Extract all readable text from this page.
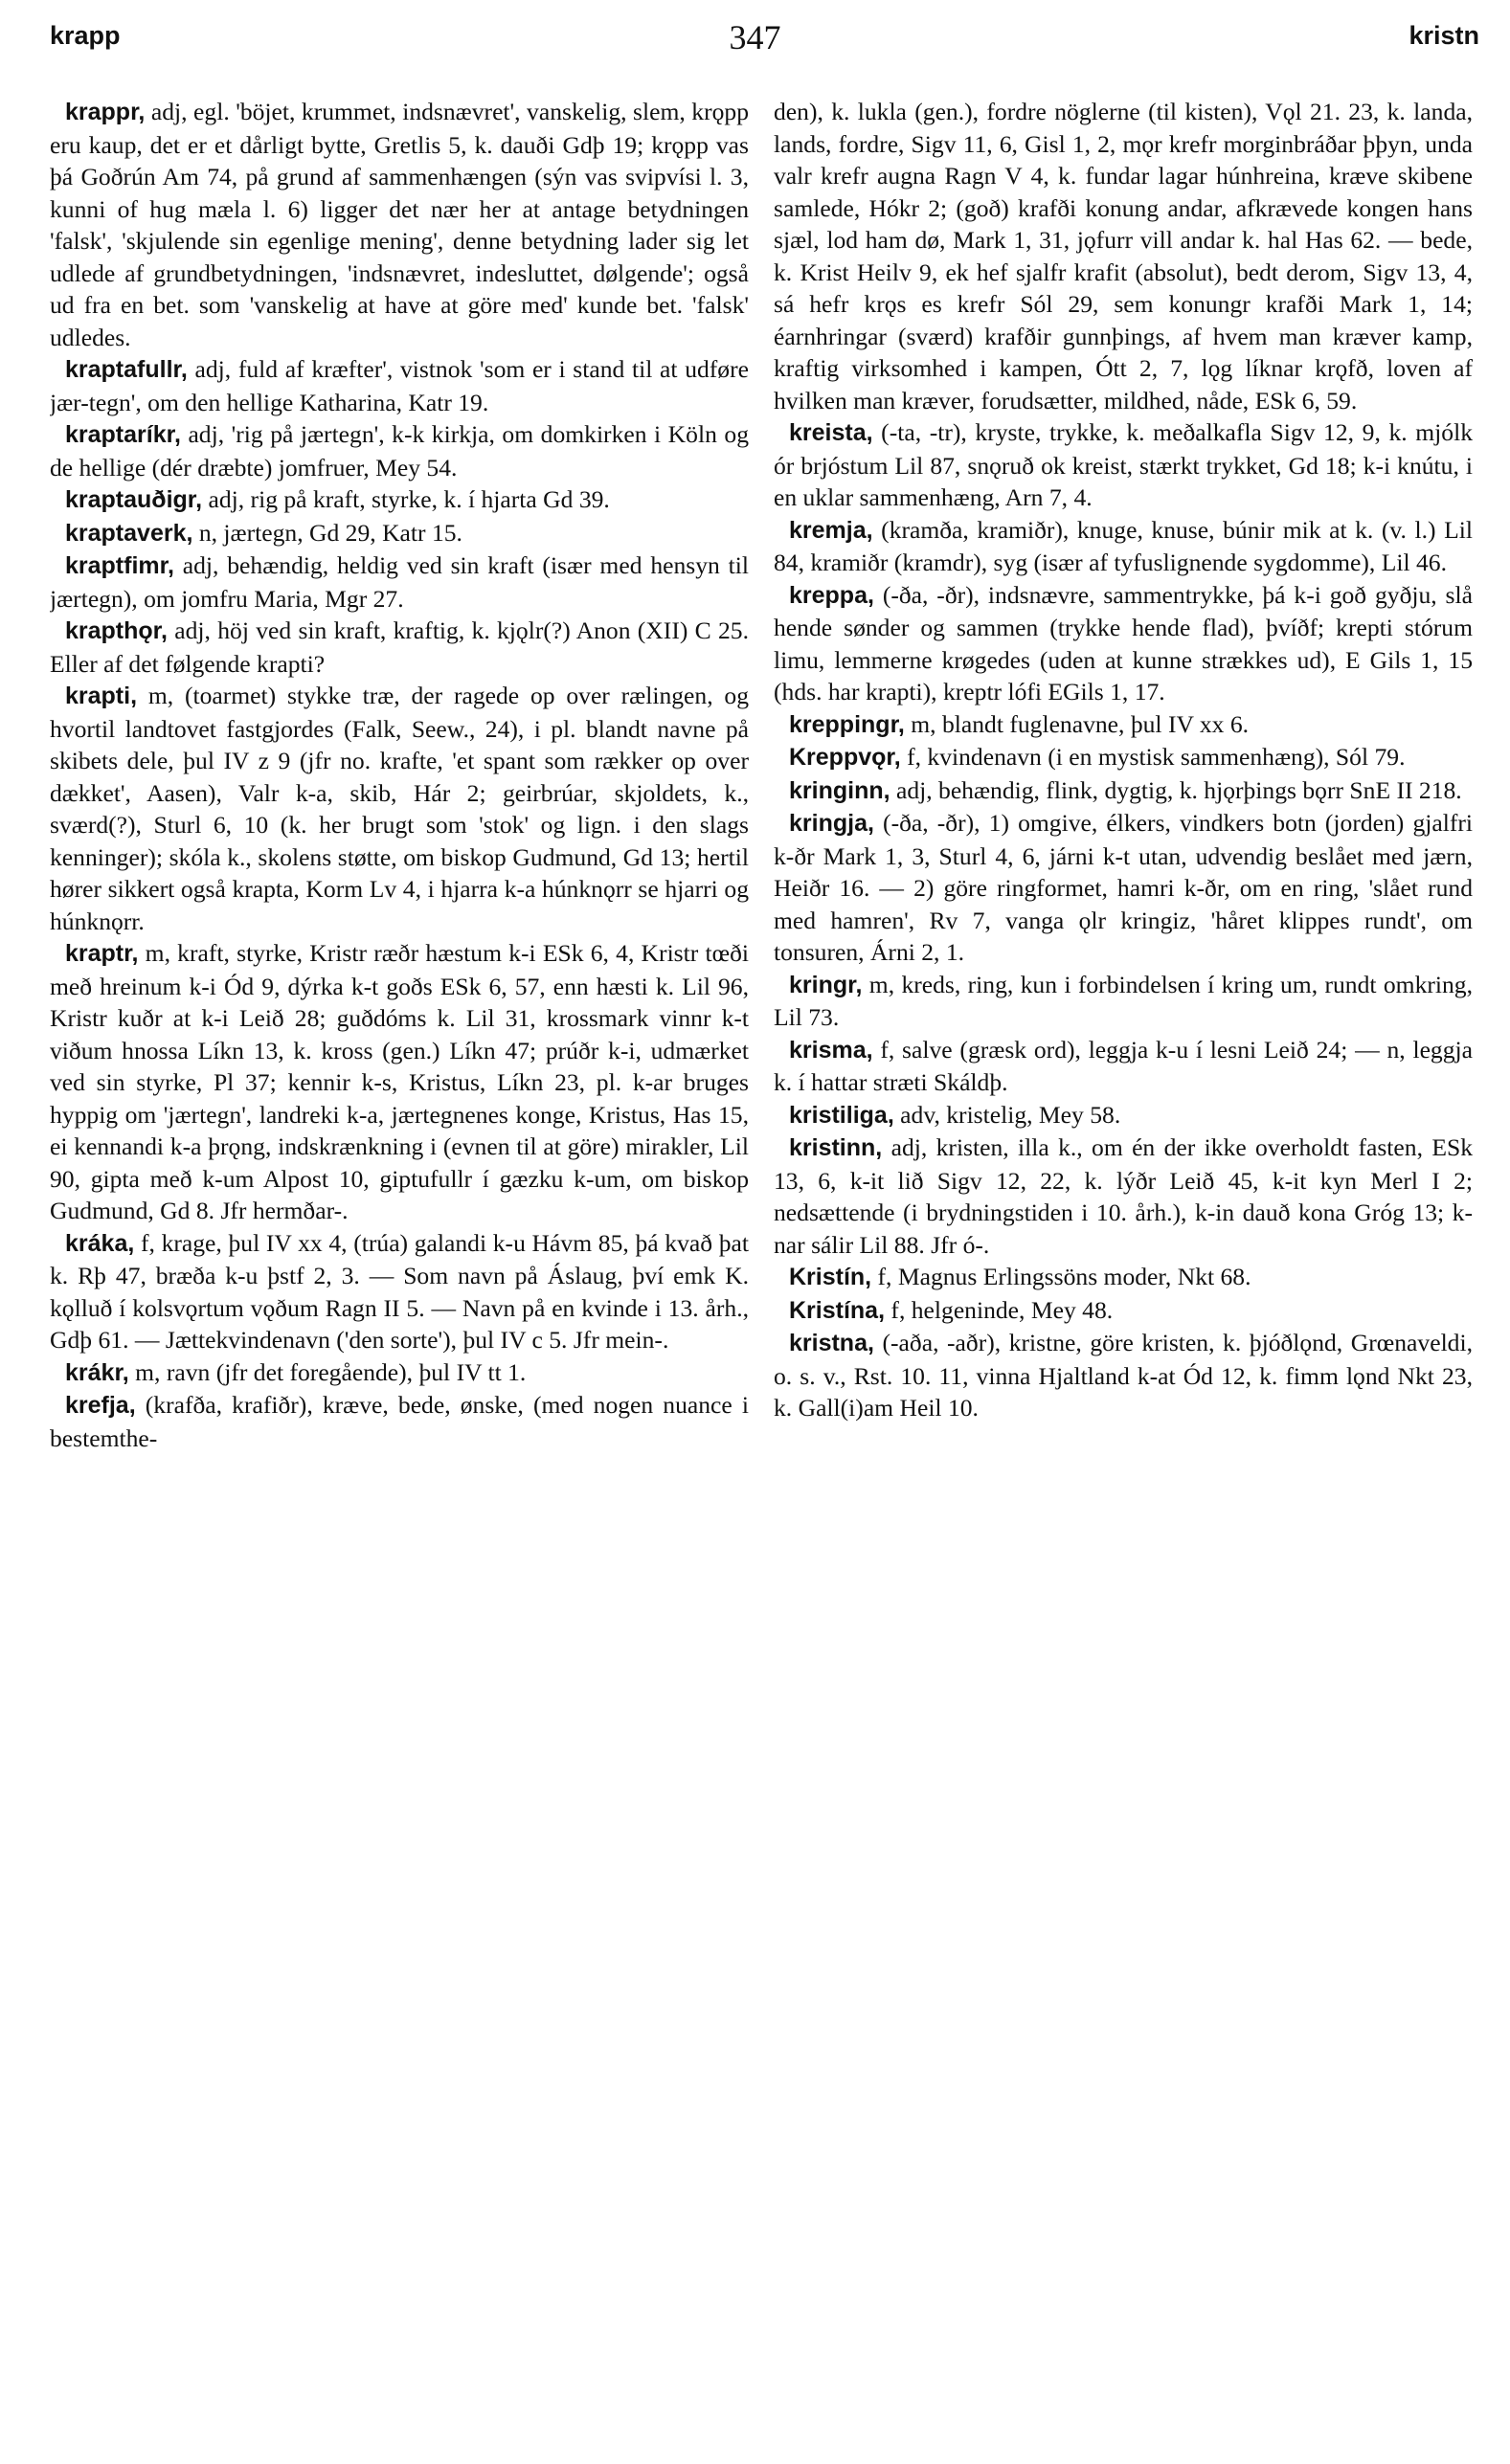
krapp	347	kristn

krappr, adj, egl. 'böjet, krummet, indsnævret', vanskelig, slem, krǫpp eru kaup, det er et dårligt bytte, Gretlis 5, k. dauði Gdþ 19; krǫpp vas þá Goðrún Am 74, på grund af sammenhængen (sýn vas svipvísi l. 3, kunni of hug mæla l. 6) ligger det nær her at antage betydningen 'falsk', 'skjulende sin egenlige mening', denne betydning lader sig let udlede af grundbetydningen, 'indsnævret, indesluttet, dølgende'; også ud fra en bet. som 'vanskelig at have at göre med' kunde bet. 'falsk' udledes.

kraptafullr, adj, fuld af kræfter', vistnok 'som er i stand til at udføre jær-tegn', om den hellige Katharina, Katr 19.

kraptaríkr, adj, 'rig på jærtegn', k-k kirkja, om domkirken i Köln og de hellige (dér dræbte) jomfruer, Mey 54.

kraptauðigr, adj, rig på kraft, styrke, k. í hjarta Gd 39.

kraptaverk, n, jærtegn, Gd 29, Katr 15.

kraptfimr, adj, behændig, heldig ved sin kraft (især med hensyn til jærtegn), om jomfru Maria, Mgr 27.

krapthǫr, adj, höj ved sin kraft, kraftig, k. kjǫlr(?) Anon (XII) C 25. Eller af det følgende krapti?

krapti, m, (toarmet) stykke træ, der ragede op over rælingen, og hvortil landtovet fastgjordes (Falk, Seew., 24), i pl. blandt navne på skibets dele, þul IV z 9 (jfr no. krafte, 'et spant som rækker op over dækket', Aasen), Valr k-a, skib, Hár 2; geirbrúar, skjoldets, k., sværd(?), Sturl 6, 10 (k. her brugt som 'stok' og lign. i den slags kenninger); skóla k., skolens støtte, om biskop Gudmund, Gd 13; hertil hører sikkert også krapta, Korm Lv 4, i hjarra k-a húnknǫrr se hjarri og húnknǫrr.

kraptr, m, kraft, styrke, Kristr ræðr hæstum k-i ESk 6, 4, Kristr tœði með hreinum k-i Ód 9, dýrka k-t goðs ESk 6, 57, enn hæsti k. Lil 96, Kristr kuðr at k-i Leið 28; guðdóms k. Lil 31, krossmark vinnr k-t viðum hnossa Líkn 13, k. kross (gen.) Líkn 47; prúðr k-i, udmærket ved sin styrke, Pl 37; kennir k-s, Kristus, Líkn 23, pl. k-ar bruges hyppig om 'jærtegn', landreki k-a, jærtegnenes konge, Kristus, Has 15, ei kennandi k-a þrǫng, indskrænkning i (evnen til at göre) mirakler, Lil 90, gipta með k-um Alpost 10, giptufullr í gæzku k-um, om biskop Gudmund, Gd 8. Jfr hermðar-.

kráka, f, krage, þul IV xx 4, (trúa) galandi k-u Hávm 85, þá kvað þat k. Rþ 47, bræða k-u þstf 2, 3. — Som navn på Áslaug, því emk K. kǫlluð í kolsvǫrtum vǫðum Ragn II 5. — Navn på en kvinde i 13. årh., Gdþ 61. — Jættekvindenavn ('den sorte'), þul IV c 5. Jfr mein-.

krákr, m, ravn (jfr det foregående), þul IV tt 1.

krefja, (krafða, krafiðr), kræve, bede, ønske, (med nogen nuance i bestemthe-

den), k. lukla (gen.), fordre nöglerne (til kisten), Vǫl 21. 23, k. landa, lands, fordre, Sigv 11, 6, Gisl 1, 2, mǫr krefr morginbráðar þþyn, unda valr krefr augna Ragn V 4, k. fundar lagar húnhreina, kræve skibene samlede, Hókr 2; (goð) krafði konung andar, afkrævede kongen hans sjæl, lod ham dø, Mark 1, 31, jǫfurr vill andar k. hal Has 62. — bede, k. Krist Heilv 9, ek hef sjalfr krafit (absolut), bedt derom, Sigv 13, 4, sá hefr krǫs es krefr Sól 29, sem konungr krafði Mark 1, 14; éarnhringar (sværd) krafðir gunnþings, af hvem man kræver kamp, kraftig virksomhed i kampen, Ótt 2, 7, lǫg líknar krǫfð, loven af hvilken man kræver, forudsætter, mildhed, nåde, ESk 6, 59.

kreista, (-ta, -tr), kryste, trykke, k. meðalkafla Sigv 12, 9, k. mjólk ór brjóstum Lil 87, snǫruð ok kreist, stærkt trykket, Gd 18; k-i knútu, i en uklar sammenhæng, Arn 7, 4.

kremja, (kramða, kramiðr), knuge, knuse, búnir mik at k. (v. l.) Lil 84, kramiðr (kramdr), syg (især af tyfuslignende sygdomme), Lil 46.

kreppa, (-ða, -ðr), indsnævre, sammentrykke, þá k-i goð gyðju, slå hende sønder og sammen (trykke hende flad), þvíðf; krepti stórum limu, lemmerne krøgedes (uden at kunne strækkes ud), E Gils 1, 15 (hds. har krapti), kreptr lófi EGils 1, 17.

kreppingr, m, blandt fuglenavne, þul IV xx 6.

Kreppvǫr, f, kvindenavn (i en mystisk sammenhæng), Sól 79.

kringinn, adj, behændig, flink, dygtig, k. hjǫrþings bǫrr SnE II 218.

kringja, (-ða, -ðr), 1) omgive, élkers, vindkers botn (jorden) gjalfri k-ðr Mark 1, 3, Sturl 4, 6, járni k-t utan, udvendig beslået med jærn, Heiðr 16. — 2) göre ringformet, hamri k-ðr, om en ring, 'slået rund med hamren', Rv 7, vanga ǫlr kringiz, 'håret klippes rundt', om tonsuren, Árni 2, 1.

kringr, m, kreds, ring, kun i forbindelsen í kring um, rundt omkring, Lil 73.

krisma, f, salve (græsk ord), leggja k-u í lesni Leið 24; — n, leggja k. í hattar stræti Skáldþ.

kristiliga, adv, kristelig, Mey 58.

kristinn, adj, kristen, illa k., om én der ikke overholdt fasten, ESk 13, 6, k-it lið Sigv 12, 22, k. lýðr Leið 45, k-it kyn Merl I 2; nedsættende (i brydningstiden i 10. årh.), k-in dauð kona Gróg 13; k-nar sálir Lil 88. Jfr ó-.

Kristín, f, Magnus Erlingssöns moder, Nkt 68.

Kristína, f, helgeninde, Mey 48.

kristna, (-aða, -aðr), kristne, göre kristen, k. þjóðlǫnd, Grœnaveldi, o. s. v., Rst. 10. 11, vinna Hjaltland k-at Ód 12, k. fimm lǫnd Nkt 23, k. Gall(i)am Heil 10.
